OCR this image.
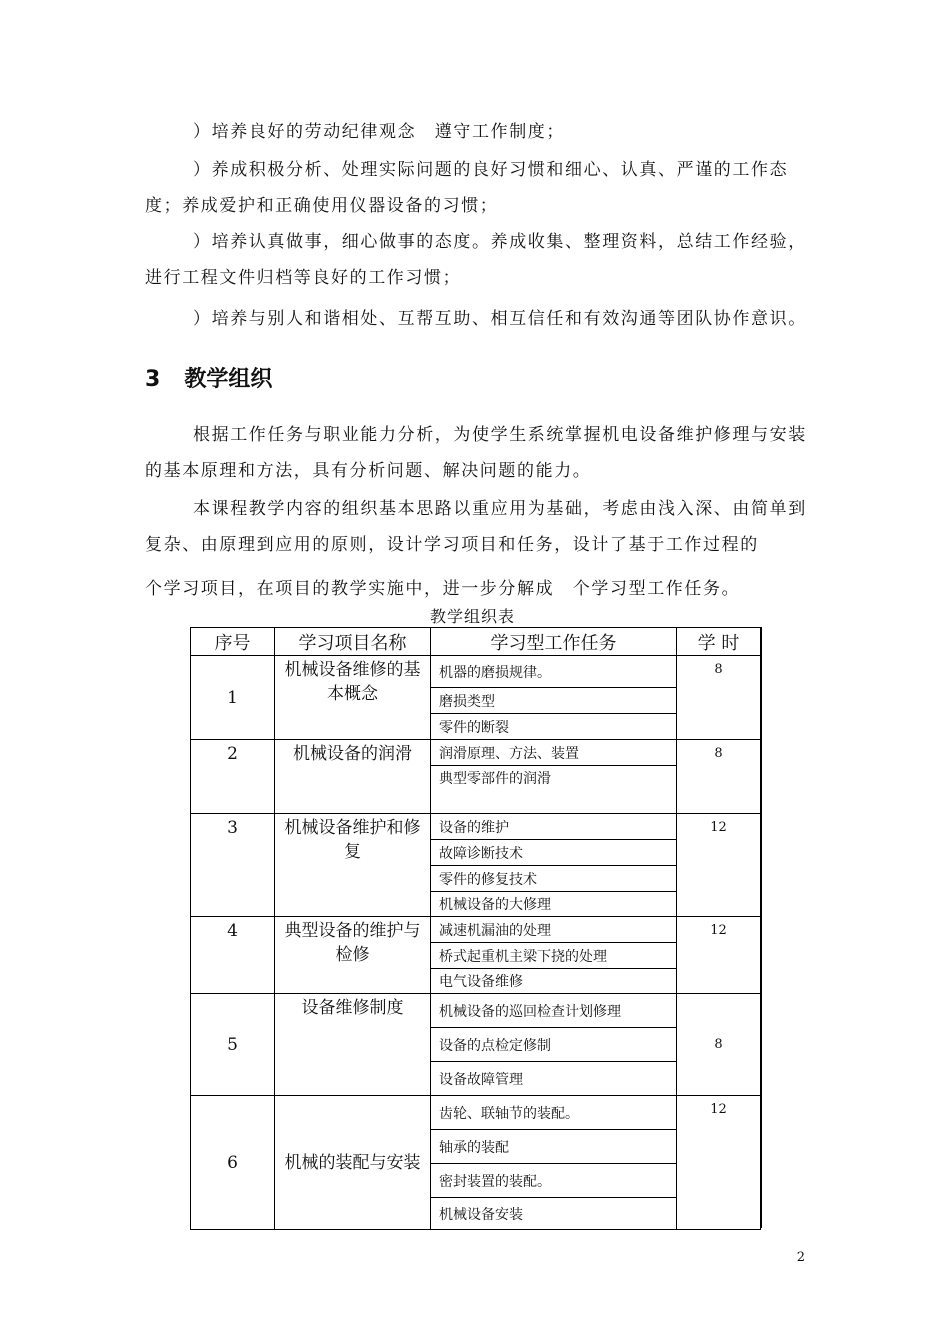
）培养良好的劳动纪律观念　遵守工作制度；

）养成积极分析、处理实际问题的良好习惯和细心、认真、严谨的工作态度；养成爱护和正确使用仪器设备的习惯；

）培养认真做事，细心做事的态度。养成收集、整理资料，总结工作经验，进行工程文件归档等良好的工作习惯；

）培养与别人和谐相处、互帮互助、相互信任和有效沟通等团队协作意识。

3 教学组织

根据工作任务与职业能力分析，为使学生系统掌握机电设备维护修理与安装的基本原理和方法，具有分析问题、解决问题的能力。

本课程教学内容的组织基本思路以重应用为基础，考虑由浅入深、由简单到复杂、由原理到应用的原则，设计学习项目和任务，设计了基于工作过程的

个学习项目，在项目的教学实施中，进一步分解成　个学习型工作任务。
教学组织表
序号	学习项目名称	学习型工作任务	学 时
1	机械设备维修的基本概念	机器的磨损规律。	8
		磨损类型	
		零件的断裂	
2	机械设备的润滑	润滑原理、方法、装置	8
		典型零部件的润滑	
3	机械设备维护和修复	设备的维护	12
		故障诊断技术	
		零件的修复技术	
		机械设备的大修理	
4	典型设备的维护与检修	减速机漏油的处理	12
		桥式起重机主梁下挠的处理	
		电气设备维修	
5	设备维修制度	机械设备的巡回检查计划修理	8
		设备的点检定修制	
		设备故障管理	
6	机械的装配与安装	齿轮、联轴节的装配。	12
		轴承的装配	
		密封装置的装配。	
		机械设备安装	
2
